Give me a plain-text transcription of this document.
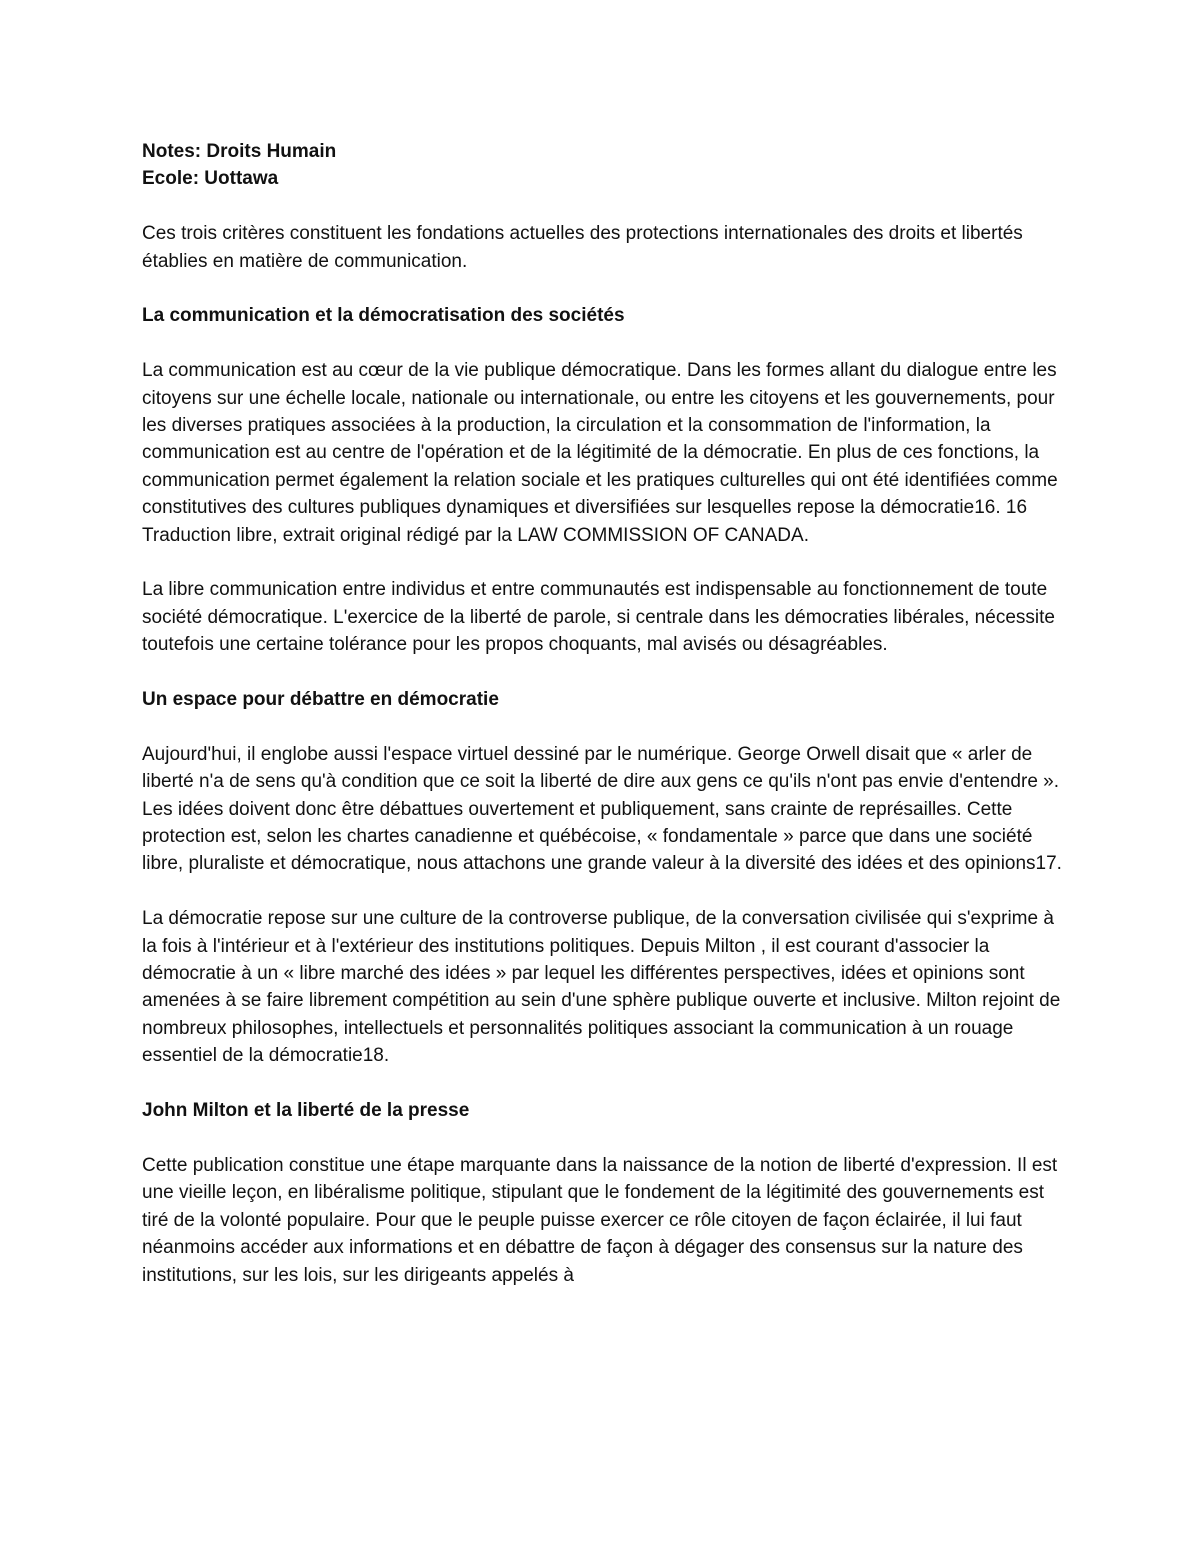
Notes: Droits Humain

Ecole: Uottawa

Ces trois critères constituent les fondations actuelles des protections internationales des droits et libertés établies en matière de communication.

La communication et la démocratisation des sociétés

La communication est au cœur de la vie publique démocratique. Dans les formes allant du dialogue entre les citoyens sur une échelle locale, nationale ou internationale, ou entre les citoyens et les gouvernements, pour les diverses pratiques associées à la production, la circulation et la consommation de l'information, la communication est au centre de l'opération et de la légitimité de la démocratie. En plus de ces fonctions, la communication permet également la relation sociale et les pratiques culturelles qui ont été identifiées comme constitutives des cultures publiques dynamiques et diversifiées sur lesquelles repose la démocratie16. 16 Traduction libre, extrait original rédigé par la LAW COMMISSION OF CANADA.

La libre communication entre individus et entre communautés est indispensable au fonctionnement de toute société démocratique. L'exercice de la liberté de parole, si centrale dans les démocraties libérales, nécessite toutefois une certaine tolérance pour les propos choquants, mal avisés ou désagréables.

Un espace pour débattre en démocratie

Aujourd'hui, il englobe aussi l'espace virtuel dessiné par le numérique. George Orwell disait que « arler de liberté n'a de sens qu'à condition que ce soit la liberté de dire aux gens ce qu'ils n'ont pas envie d'entendre ». Les idées doivent donc être débattues ouvertement et publiquement, sans crainte de représailles. Cette protection est, selon les chartes canadienne et québécoise, « fondamentale » parce que dans une société libre, pluraliste et démocratique, nous attachons une grande valeur à la diversité des idées et des opinions17.

La démocratie repose sur une culture de la controverse publique, de la conversation civilisée qui s'exprime à la fois à l'intérieur et à l'extérieur des institutions politiques. Depuis Milton , il est courant d'associer la démocratie à un « libre marché des idées » par lequel les différentes perspectives, idées et opinions sont amenées à se faire librement compétition au sein d'une sphère publique ouverte et inclusive. Milton rejoint de nombreux philosophes, intellectuels et personnalités politiques associant la communication à un rouage essentiel de la démocratie18.

John Milton et la liberté de la presse

Cette publication constitue une étape marquante dans la naissance de la notion de liberté d'expression. Il est une vieille leçon, en libéralisme politique, stipulant que le fondement de la légitimité des gouvernements est tiré de la volonté populaire. Pour que le peuple puisse exercer ce rôle citoyen de façon éclairée, il lui faut néanmoins accéder aux informations et en débattre de façon à dégager des consensus sur la nature des institutions, sur les lois, sur les dirigeants appelés à
